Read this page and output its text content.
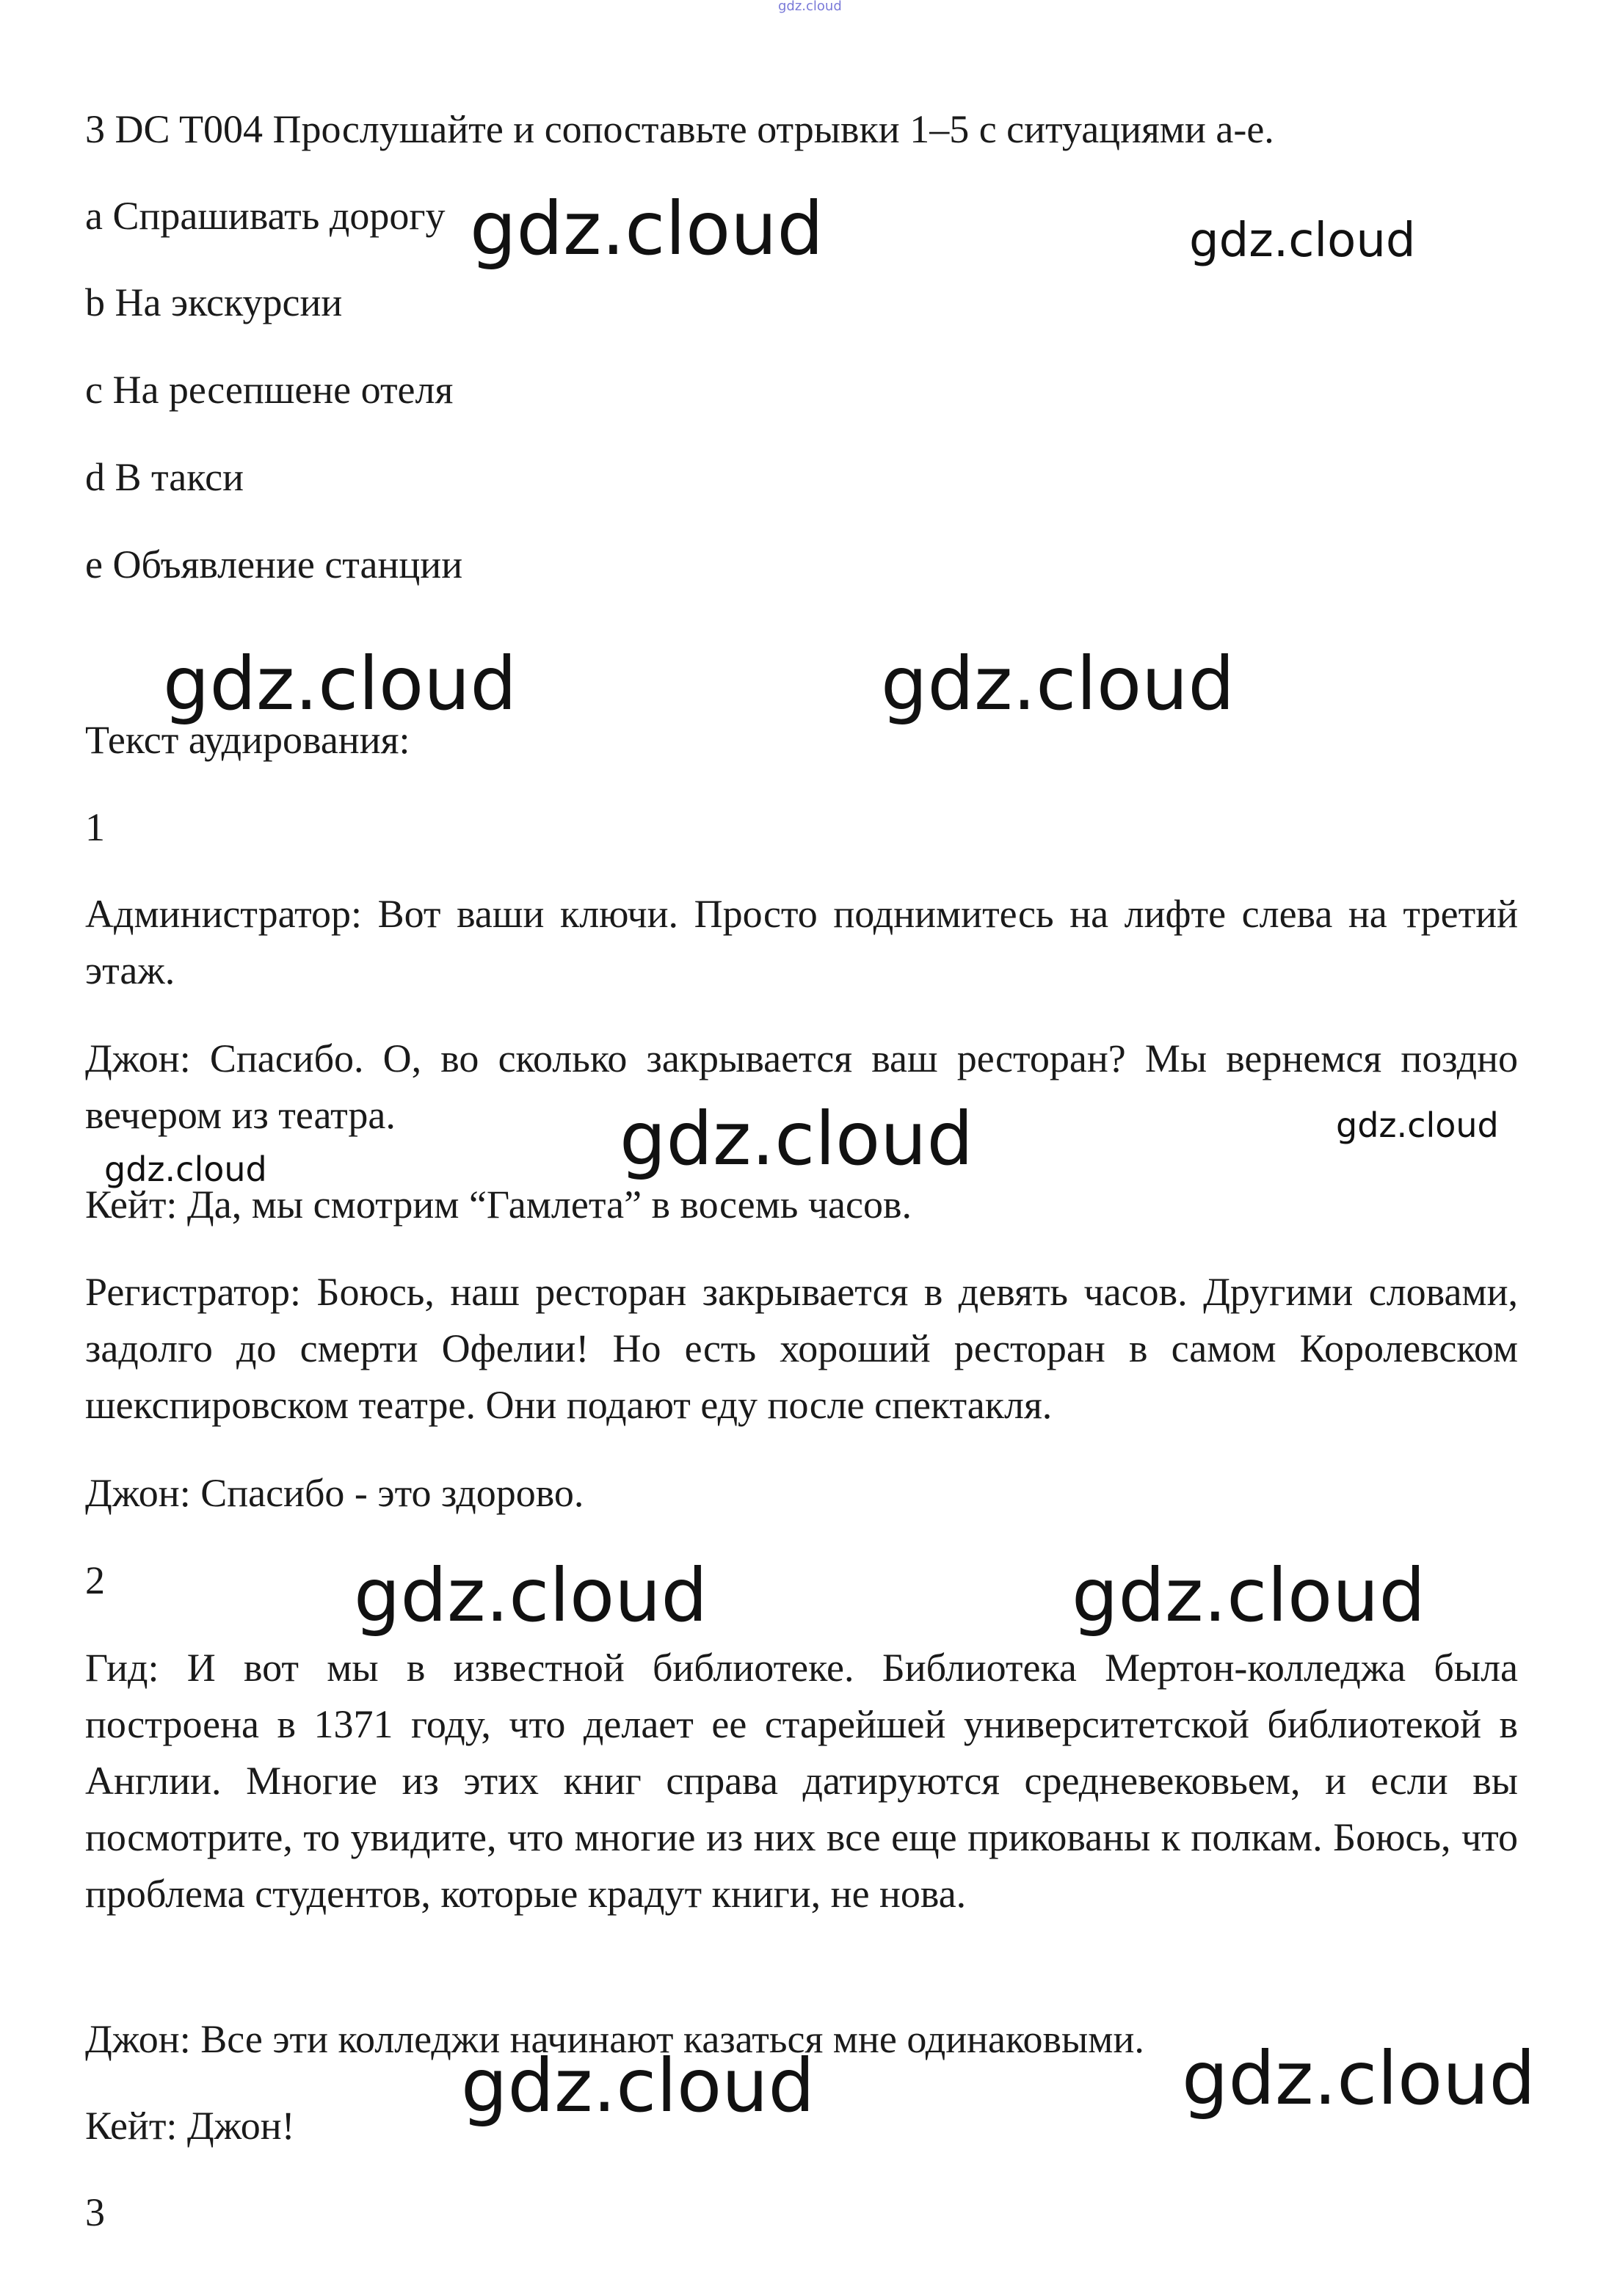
gdz.cloud

3 DC T004 Прослушайте и сопоставьте отрывки 1–5 с ситуациями a-e.

a Спрашивать дорогу

b На экскурсии

c На ресепшене отеля

d В такси

e Объявление станции

Текст аудирования:

1

Администратор: Вот ваши ключи. Просто поднимитесь на лифте слева на третий этаж.

Джон: Спасибо. О, во сколько закрывается ваш ресторан? Мы вернемся поздно вечером из театра.

Кейт: Да, мы смотрим “Гамлета” в восемь часов.

Регистратор: Боюсь, наш ресторан закрывается в девять часов. Другими словами, задолго до смерти Офелии! Но есть хороший ресторан в самом Королевском шекспировском театре. Они подают еду после спектакля.

Джон: Спасибо - это здорово.

2

Гид: И вот мы в известной библиотеке. Библиотека Мертон-колледжа была построена в 1371 году, что делает ее старейшей университетской библиотекой в Англии. Многие из этих книг справа датируются средневековьем, и если вы посмотрите, то увидите, что многие из них все еще прикованы к полкам. Боюсь, что проблема студентов, которые крадут книги, не нова.

Джон: Все эти колледжи начинают казаться мне одинаковыми.

Кейт: Джон!

3

gdz.cloud	gdz.cloud
gdz.cloud	gdz.cloud
gdz.cloud	gdz.cloud
gdz.cloud
gdz.cloud	gdz.cloud
gdz.cloud	gdz.cloud
